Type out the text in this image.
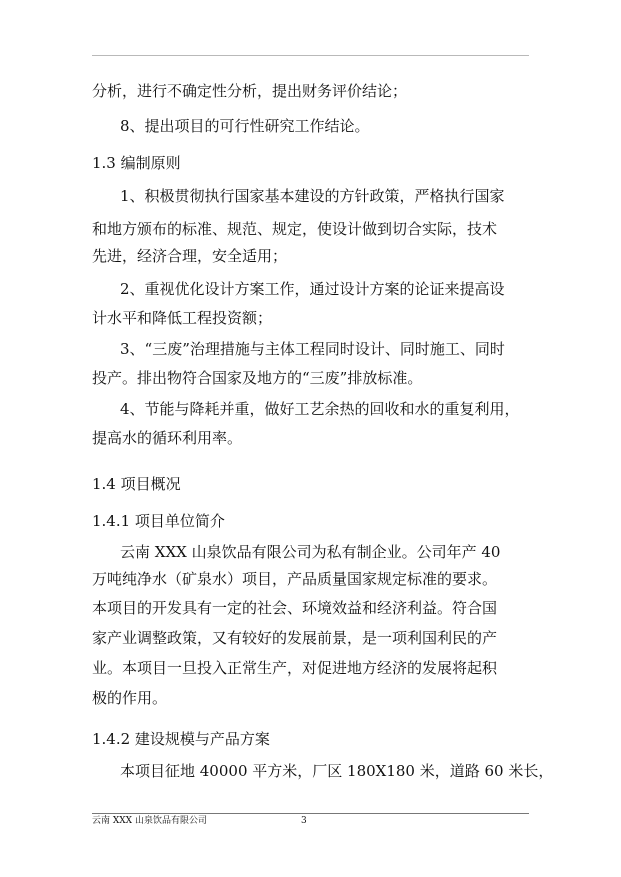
分析，进行不确定性分析，提出财务评价结论；
8、提出项目的可行性研究工作结论。
1.3 编制原则
1、积极贯彻执行国家基本建设的方针政策，严格执行国家
和地方颁布的标准、规范、规定，使设计做到切合实际，技术
先进，经济合理，安全适用；
2、重视优化设计方案工作，通过设计方案的论证来提高设
计水平和降低工程投资额；
3、“三废”治理措施与主体工程同时设计、同时施工、同时
投产。排出物符合国家及地方的“三废”排放标准。
4、节能与降耗并重，做好工艺余热的回收和水的重复利用，
提高水的循环利用率。
1.4 项目概况
1.4.1 项目单位简介
云南 XXX 山泉饮品有限公司为私有制企业。公司年产 40
万吨纯净水（矿泉水）项目，产品质量国家规定标准的要求。
本项目的开发具有一定的社会、环境效益和经济利益。符合国
家产业调整政策，又有较好的发展前景，是一项利国利民的产
业。本项目一旦投入正常生产，对促进地方经济的发展将起积
极的作用。
1.4.2 建设规模与产品方案
本项目征地 40000 平方米，厂区 180X180 米，道路 60 米长，
云南 XXX 山泉饮品有限公司	3
